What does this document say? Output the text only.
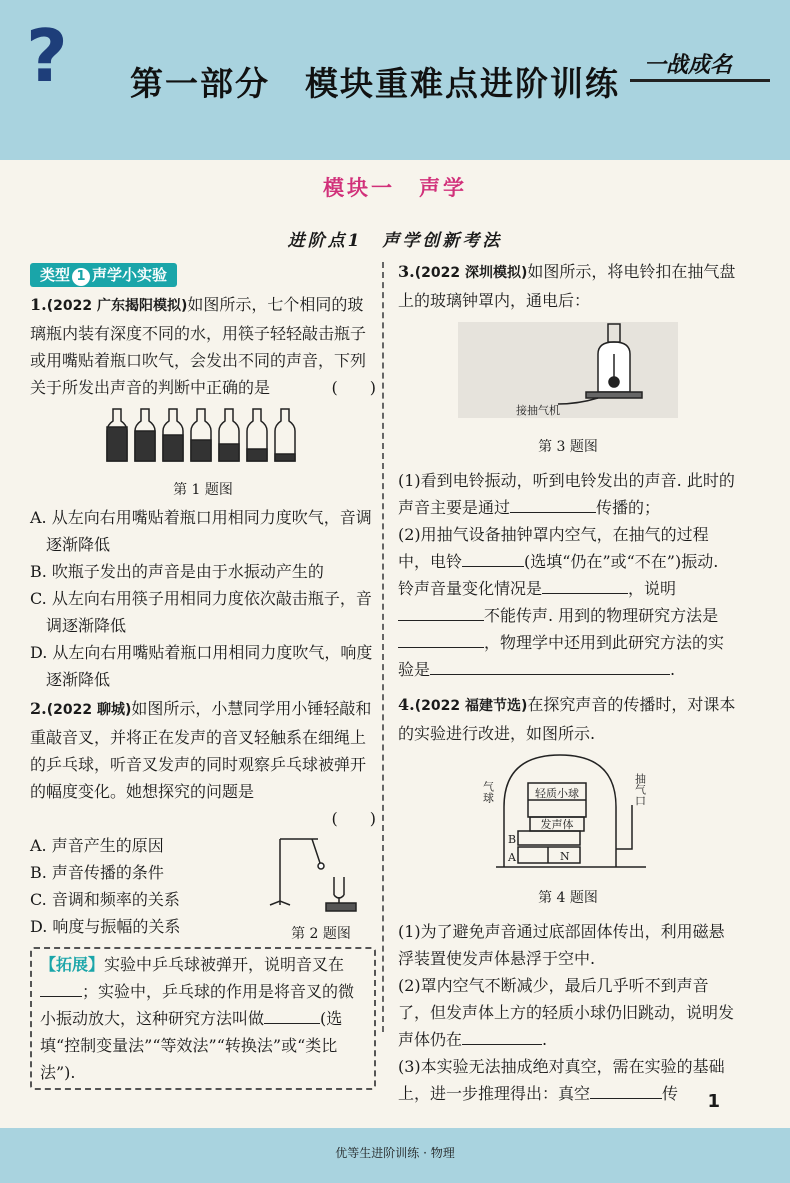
? 第一部分　模块重难点进阶训练 一战成名
模块一　声学
进阶点1　声学创新考法
类型 1 声学小实验

1.(2022 广东揭阳模拟)如图所示，七个相同的玻璃瓶内装有深度不同的水，用筷子轻轻敲击瓶子或用嘴贴着瓶口吹气，会发出不同的声音，下列关于所发出声音的判断中正确的是	(　　)

第 1 题图

A. 从左向右用嘴贴着瓶口用相同力度吹气，音调逐渐降低

B. 吹瓶子发出的声音是由于水振动产生的

C. 从左向右用筷子用相同力度依次敲击瓶子，音调逐渐降低

D. 从左向右用嘴贴着瓶口用相同力度吹气，响度逐渐降低

2.(2022 聊城)如图所示，小慧同学用小锤轻敲和重敲音叉，并将正在发声的音叉轻触系在细绳上的乒乓球，听音叉发声的同时观察乒乓球被弹开的幅度变化。她想探究的问题是

(　　)

A. 声音产生的原因

B. 声音传播的条件

C. 音调和频率的关系

D. 响度与振幅的关系	第 2 题图
【拓展】实验中乒乓球被弹开，说明音叉在；实验中，乒乓球的作用是将音叉的微小振动放大，这种研究方法叫做	(选填“控制变量法”“等效法”“转换法”或“类比法”).

3.(2022 深圳模拟)如图所示，将电铃扣在抽气盘上的玻璃钟罩内，通电后：

接抽气机

第 3 题图

(1)看到电铃振动，听到电铃发出的声音. 此时的声音主要是通过	传播的；

(2)用抽气设备抽钟罩内空气，在抽气的过程中，电铃	(选填“仍在”或“不在”)振动. 铃声音量变化情况是	，说明不能传声. 用到的物理研究方法是，物理学中还用到此研究方法的实验是	.

4.(2022 福建节选)在探究声音的传播时，对课本的实验进行改进，如图所示.

气球	轻质小球
发声体
B
A	N
抽气口

第 4 题图

(1)为了避免声音通过底部固体传出，利用磁悬浮装置使发声体悬浮于空中.

(2)罩内空气不断减少，最后几乎听不到声音了，但发声体上方的轻质小球仍旧跳动，说明发声体仍在	.

(3)本实验无法抽成绝对真空，需在实验的基础上，进一步推理得出：真空	传	1
优等生进阶训练 · 物理
